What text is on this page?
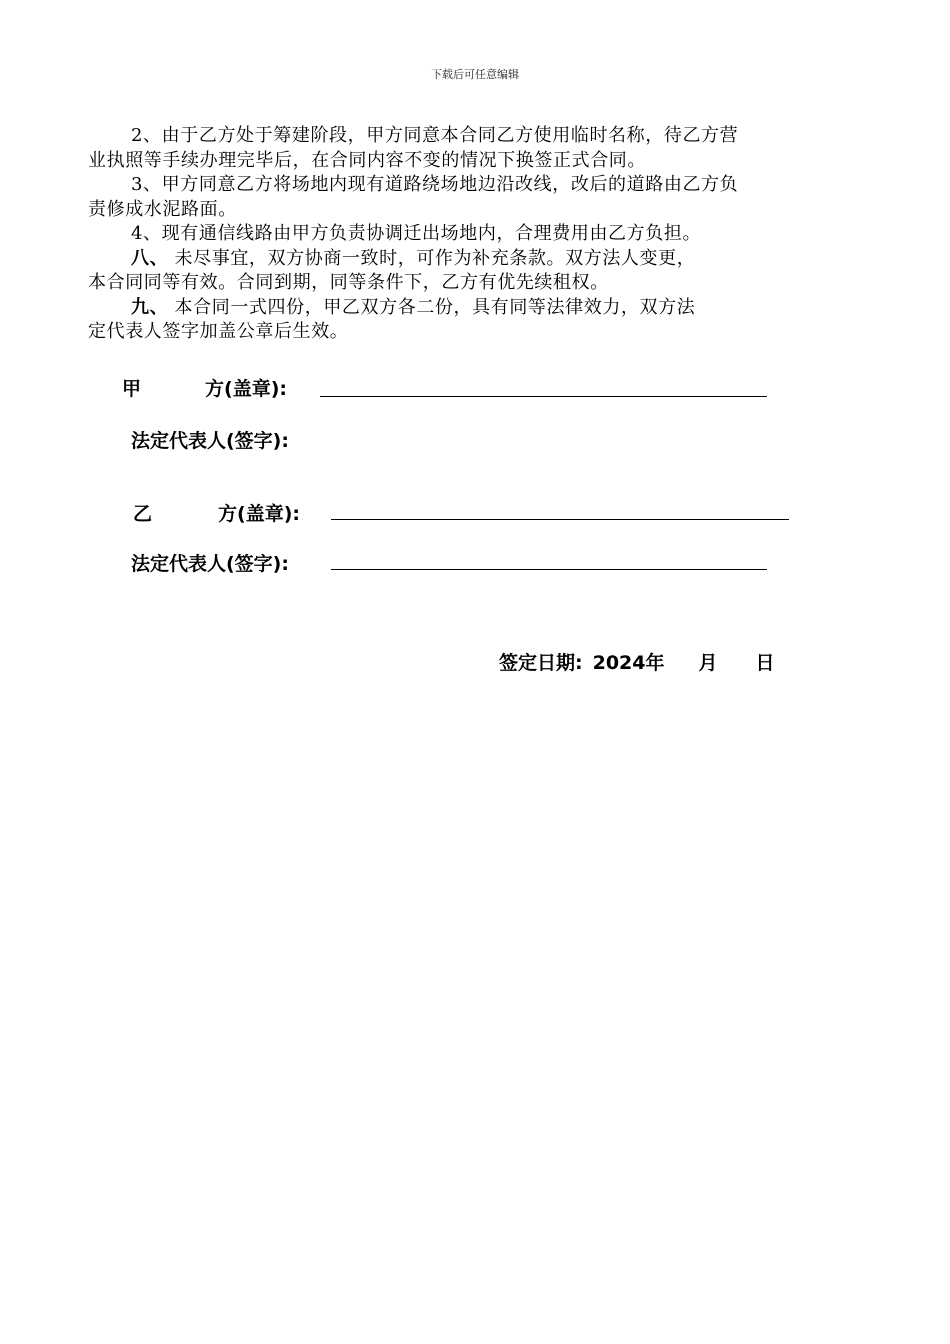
下载后可任意编辑

2、由于乙方处于筹建阶段，甲方同意本合同乙方使用临时名称，待乙方营

业执照等手续办理完毕后，在合同内容不变的情况下换签正式合同。

3、甲方同意乙方将场地内现有道路绕场地边沿改线，改后的道路由乙方负

责修成水泥路面。

4、现有通信线路由甲方负责协调迁出场地内，合理费用由乙方负担。

八、 未尽事宜，双方协商一致时，可作为补充条款。双方法人变更，

本合同同等有效。合同到期，同等条件下，乙方有优先续租权。

九、 本合同一式四份，甲乙双方各二份，具有同等法律效力，双方法

定代表人签字加盖公章后生效。

甲	方(盖章):
法定代表人(签字):
乙	方(盖章):
法定代表人(签字):
签定日期: 2024年 月 日
